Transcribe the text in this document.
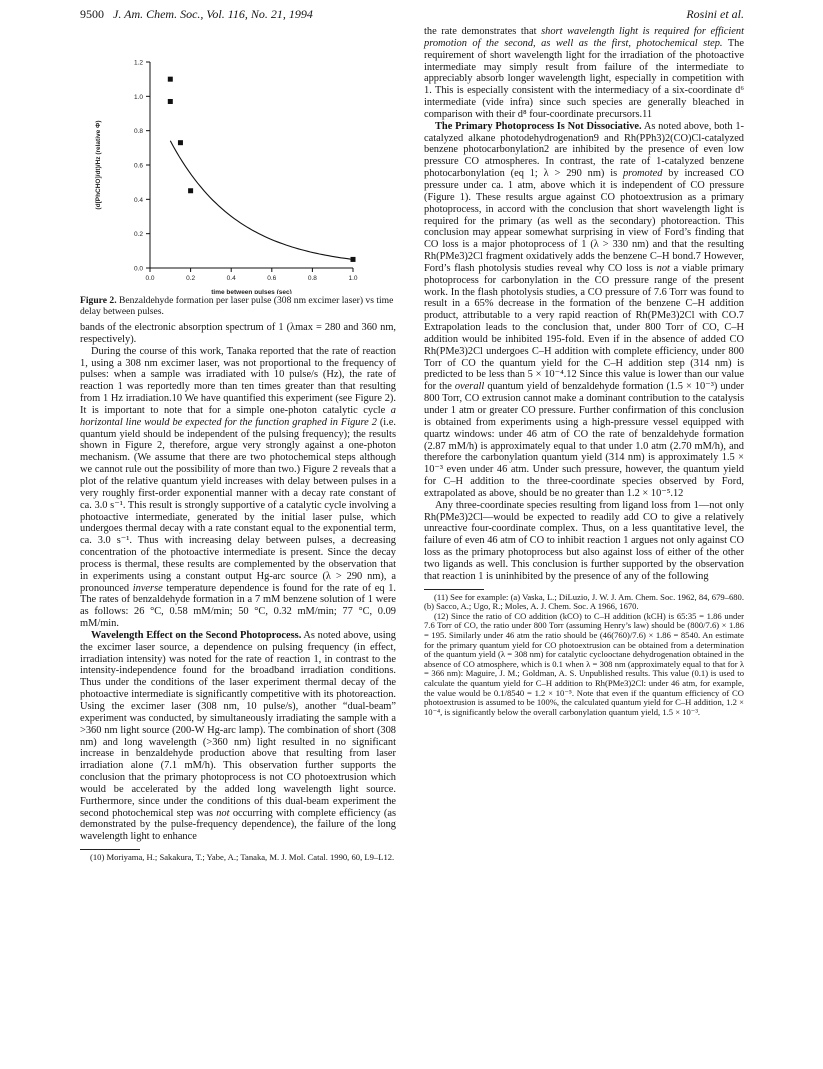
9500 J. Am. Chem. Soc., Vol. 116, No. 21, 1994	Rosini et al.
0.0
0.2
0.4
0.6
0.8
1.0
1.2
0.0	0.2	0.4	0.6	0.8	1.0
time between pulses (sec)
(d[PhCHO]/dt)/Hz (relative Φ)
Figure 2. Benzaldehyde formation per laser pulse (308 nm excimer laser) vs time delay between pulses.

bands of the electronic absorption spectrum of 1 (λmax = 280 and 360 nm, respectively).

During the course of this work, Tanaka reported that the rate of reaction 1, using a 308 nm excimer laser, was not proportional to the frequency of pulses: when a sample was irradiated with 10 pulse/s (Hz), the rate of reaction 1 was reportedly more than ten times greater than that resulting from 1 Hz irradiation.10 We have quantified this experiment (see Figure 2). It is important to note that for a simple one-photon catalytic cycle a horizontal line would be expected for the function graphed in Figure 2 (i.e. quantum yield should be independent of the pulsing frequency); the results shown in Figure 2, therefore, argue very strongly against a one-photon mechanism. (We assume that there are two photochemical steps although we cannot rule out the possibility of more than two.) Figure 2 reveals that a plot of the relative quantum yield increases with delay between pulses in a very roughly first-order exponential manner with a decay rate constant of ca. 3.0 s⁻¹. This result is strongly supportive of a catalytic cycle involving a photoactive intermediate, generated by the initial laser pulse, which undergoes thermal decay with a rate constant equal to the exponential term, ca. 3.0 s⁻¹. Thus with increasing delay between pulses, a decreasing concentration of the photoactive intermediate is present. Since the decay process is thermal, these results are complemented by the observation that in experiments using a constant output Hg-arc source (λ > 290 nm), a pronounced inverse temperature dependence is found for the rate of eq 1. The rates of benzaldehyde formation in a 7 mM benzene solution of 1 were as follows: 26 °C, 0.58 mM/min; 50 °C, 0.32 mM/min; 77 °C, 0.09 mM/min.

Wavelength Effect on the Second Photoprocess. As noted above, using the excimer laser source, a dependence on pulsing frequency (in effect, irradiation intensity) was noted for the rate of reaction 1, in contrast to the intensity-independence found for the broadband irradiation conditions. Thus under the conditions of the laser experiment thermal decay of the photoactive intermediate is significantly competitive with its photoreaction. Using the excimer laser (308 nm, 10 pulse/s), another “dual-beam” experiment was conducted, by simultaneously irradiating the sample with a >360 nm light source (200-W Hg-arc lamp). The combination of short (308 nm) and long wavelength (>360 nm) light resulted in no significant increase in benzaldehyde production above that resulting from laser irradiation alone (7.1 mM/h). This observation further supports the conclusion that the primary photoprocess is not CO photoextrusion which would be accelerated by the added long wavelength light source. Furthermore, since under the conditions of this dual-beam experiment the second photochemical step was not occurring with complete efficiency (as demonstrated by the pulse-frequency dependence), the failure of the long wavelength light to enhance

(10) Moriyama, H.; Sakakura, T.; Yabe, A.; Tanaka, M. J. Mol. Catal. 1990, 60, L9–L12.

the rate demonstrates that short wavelength light is required for efficient promotion of the second, as well as the first, photochemical step. The requirement of short wavelength light for the irradiation of the photoactive intermediate may simply result from failure of the intermediate to appreciably absorb longer wavelength light, especially in competition with 1. This is especially consistent with the intermediacy of a six-coordinate d⁶ intermediate (vide infra) since such species are generally bleached in comparison with their d⁸ four-coordinate precursors.11

The Primary Photoprocess Is Not Dissociative. As noted above, both 1-catalyzed alkane photodehydrogenation9 and Rh(PPh3)2(CO)Cl-catalyzed benzene photocarbonylation2 are inhibited by the presence of even low pressure CO atmospheres. In contrast, the rate of 1-catalyzed benzene photocarbonylation (eq 1; λ > 290 nm) is promoted by increased CO pressure under ca. 1 atm, above which it is independent of CO pressure (Figure 1). These results argue against CO photoextrusion as a primary photoprocess, in accord with the conclusion that short wavelength light is required for the primary (as well as the secondary) photoreaction. This conclusion may appear somewhat surprising in view of Ford’s finding that CO loss is a major photoprocess of 1 (λ > 330 nm) and that the resulting Rh(PMe3)2Cl fragment oxidatively adds the benzene C–H bond.7 However, Ford’s flash photolysis studies reveal why CO loss is not a viable primary photoprocess for carbonylation in the CO pressure range of the present work. In the flash photolysis studies, a CO pressure of 7.6 Torr was found to result in a 65% decrease in the formation of the benzene C–H addition product, attributable to a very rapid reaction of Rh(PMe3)2Cl with CO.7 Extrapolation leads to the conclusion that, under 800 Torr of CO, C–H addition would be inhibited 195-fold. Even if in the absence of added CO Rh(PMe3)2Cl undergoes C–H addition with complete efficiency, under 800 Torr of CO the quantum yield for the C–H addition step (314 nm) is predicted to be less than 5 × 10⁻⁴.12 Since this value is lower than our value for the overall quantum yield of benzaldehyde formation (1.5 × 10⁻³) under 800 Torr, CO extrusion cannot make a dominant contribution to the catalysis under 1 atm or greater CO pressure. Further confirmation of this conclusion is obtained from experiments using a high-pressure vessel equipped with quartz windows: under 46 atm of CO the rate of benzaldehyde formation (2.87 mM/h) is approximately equal to that under 1.0 atm (2.70 mM/h), and therefore the carbonylation quantum yield (314 nm) is approximately 1.5 × 10⁻³ even under 46 atm. Under such pressure, however, the quantum yield for C–H addition to the three-coordinate species observed by Ford, extrapolated as above, should be no greater than 1.2 × 10⁻⁵.12

Any three-coordinate species resulting from ligand loss from 1—not only Rh(PMe3)2Cl—would be expected to readily add CO to give a relatively unreactive four-coordinate complex. Thus, on a less quantitative level, the failure of even 46 atm of CO to inhibit reaction 1 argues not only against CO loss as the primary photoprocess but also against loss of either of the other two ligands as well. This conclusion is further supported by the observation that reaction 1 is uninhibited by the presence of any of the following

(11) See for example: (a) Vaska, L.; DiLuzio, J. W. J. Am. Chem. Soc. 1962, 84, 679–680. (b) Sacco, A.; Ugo, R.; Moles, A. J. Chem. Soc. A 1966, 1670.

(12) Since the ratio of CO addition (kCO) to C–H addition (kCH) is 65:35 = 1.86 under 7.6 Torr of CO, the ratio under 800 Torr (assuming Henry’s law) should be (800/7.6) × 1.86 = 195. Similarly under 46 atm the ratio should be (46(760)/7.6) × 1.86 = 8540. An estimate for the primary quantum yield for CO photoextrusion can be obtained from a determination of the quantum yield (λ = 308 nm) for catalytic cyclooctane dehydrogenation obtained in the absence of CO atmosphere, which is 0.1 when λ = 308 nm (approximately equal to that for λ = 366 nm): Maguire, J. M.; Goldman, A. S. Unpublished results. This value (0.1) is used to calculate the quantum yield for C–H addition to Rh(PMe3)2Cl: under 46 atm, for example, the value would be 0.1/8540 = 1.2 × 10⁻⁵. Note that even if the quantum efficiency of CO photoextrusion is assumed to be 100%, the calculated quantum yield for C–H addition, 1.2 × 10⁻⁴, is significantly below the overall carbonylation quantum yield, 1.5 × 10⁻³.
